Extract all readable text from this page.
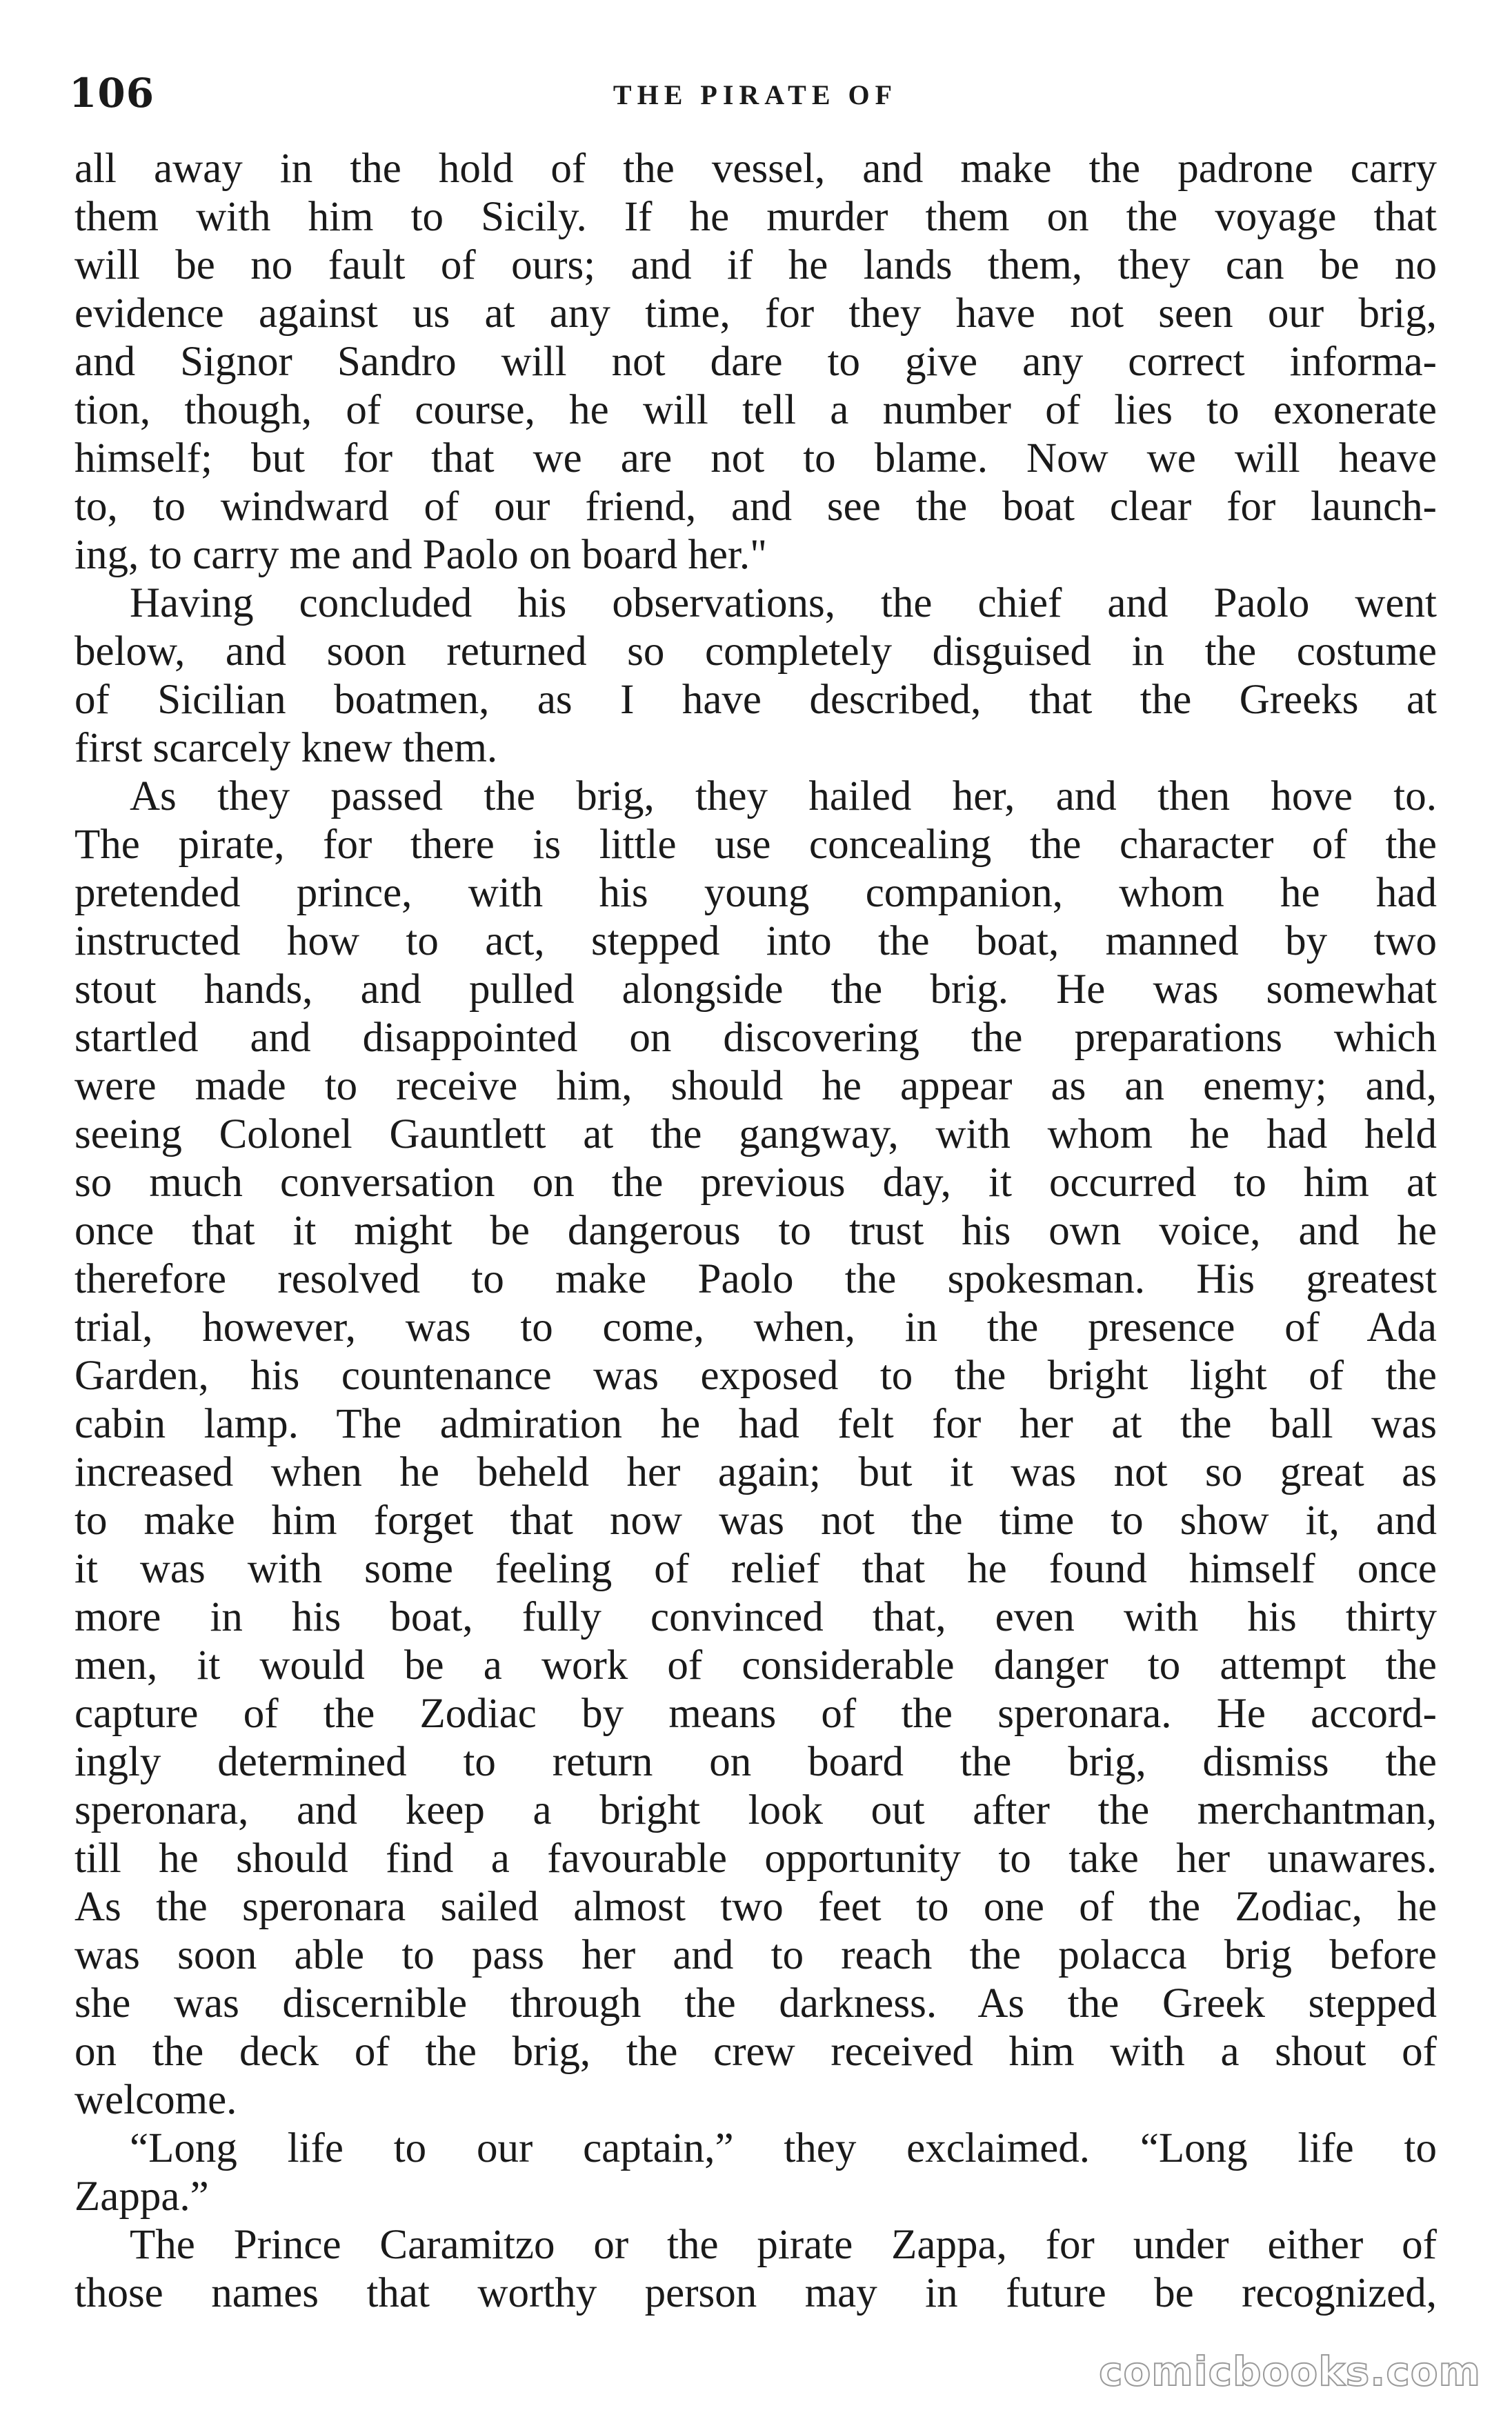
106	THE PIRATE OF
all away in the hold of the vessel, and make the padrone carry
them with him to Sicily. If he murder them on the voyage that
will be no fault of ours; and if he lands them, they can be no
evidence against us at any time, for they have not seen our brig,
and Signor Sandro will not dare to give any correct informa-
tion, though, of course, he will tell a number of lies to exonerate
himself; but for that we are not to blame. Now we will heave
to, to windward of our friend, and see the boat clear for launch-
ing, to carry me and Paolo on board her."
Having concluded his observations, the chief and Paolo went
below, and soon returned so completely disguised in the costume
of Sicilian boatmen, as I have described, that the Greeks at
first scarcely knew them.
As they passed the brig, they hailed her, and then hove to.
The pirate, for there is little use concealing the character of the
pretended prince, with his young companion, whom he had
instructed how to act, stepped into the boat, manned by two
stout hands, and pulled alongside the brig. He was somewhat
startled and disappointed on discovering the preparations which
were made to receive him, should he appear as an enemy; and,
seeing Colonel Gauntlett at the gangway, with whom he had held
so much conversation on the previous day, it occurred to him at
once that it might be dangerous to trust his own voice, and he
therefore resolved to make Paolo the spokesman. His greatest
trial, however, was to come, when, in the presence of Ada
Garden, his countenance was exposed to the bright light of the
cabin lamp. The admiration he had felt for her at the ball was
increased when he beheld her again; but it was not so great as
to make him forget that now was not the time to show it, and
it was with some feeling of relief that he found himself once
more in his boat, fully convinced that, even with his thirty
men, it would be a work of considerable danger to attempt the
capture of the Zodiac by means of the speronara. He accord-
ingly determined to return on board the brig, dismiss the
speronara, and keep a bright look out after the merchantman,
till he should find a favourable opportunity to take her unawares.
As the speronara sailed almost two feet to one of the Zodiac, he
was soon able to pass her and to reach the polacca brig before
she was discernible through the darkness. As the Greek stepped
on the deck of the brig, the crew received him with a shout of
welcome.
“Long life to our captain,” they exclaimed. “Long life to
Zappa.”
The Prince Caramitzo or the pirate Zappa, for under either of
those names that worthy person may in future be recognized,
comicbooks.com
